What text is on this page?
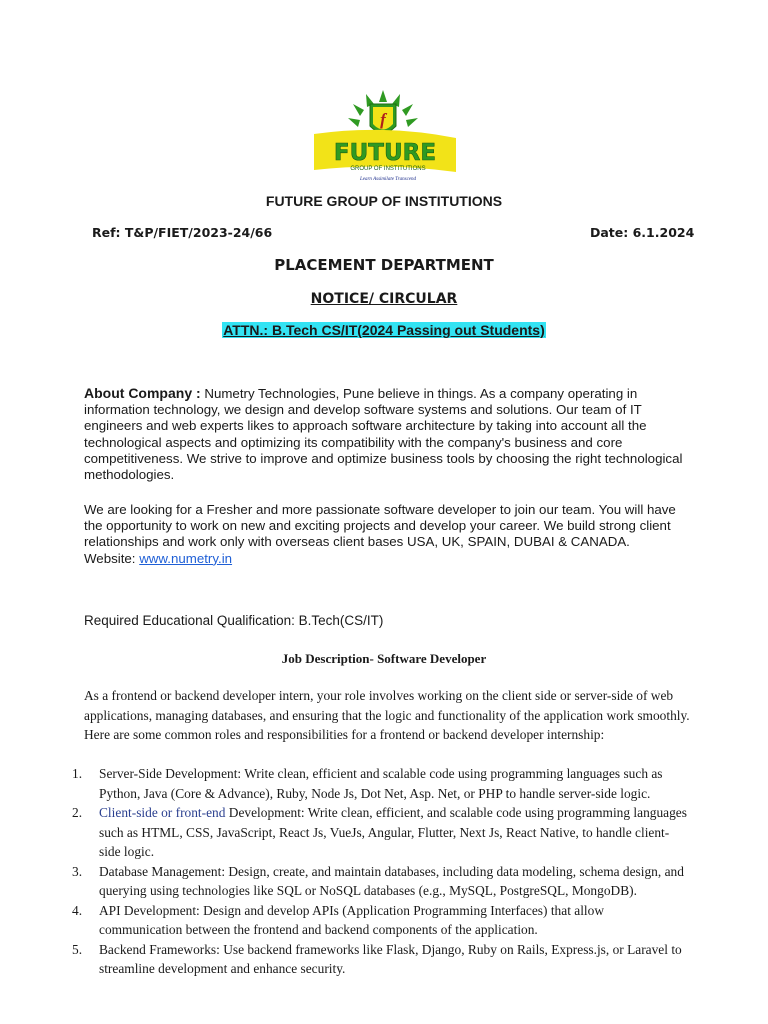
f
FUTURE
GROUP OF INSTITUTIONS
Learn Assimilate Transcend
FUTURE GROUP OF INSTITUTIONS
Ref: T&P/FIET/2023-24/66	Date: 6.1.2024
PLACEMENT DEPARTMENT
NOTICE/ CIRCULAR
ATTN.: B.Tech CS/IT(2024 Passing out Students)
About Company : Numetry Technologies, Pune believe in things. As a company operating in information technology, we design and develop software systems and solutions. Our team of IT engineers and web experts likes to approach software architecture by taking into account all the technological aspects and optimizing its compatibility with the company's business and core competitiveness. We strive to improve and optimize business tools by choosing the right technological methodologies.
We are looking for a Fresher and more passionate software developer to join our team. You will have the opportunity to work on new and exciting projects and develop your career. We build strong client relationships and work only with overseas client bases USA, UK, SPAIN, DUBAI & CANADA.
Website: www.numetry.in
Required Educational Qualification: B.Tech(CS/IT)
Job Description- Software Developer
As a frontend or backend developer intern, your role involves working on the client side or server-side of web applications, managing databases, and ensuring that the logic and functionality of the application work smoothly. Here are some common roles and responsibilities for a frontend or backend developer internship:
1.	Server-Side Development: Write clean, efficient and scalable code using programming languages such as Python, Java (Core & Advance), Ruby, Node Js, Dot Net, Asp. Net, or PHP to handle server-side logic.
2.	Client-side or front-end Development: Write clean, efficient, and scalable code using programming languages such as HTML, CSS, JavaScript, React Js, VueJs, Angular, Flutter, Next Js, React Native, to handle client-side logic.
3.	Database Management: Design, create, and maintain databases, including data modeling, schema design, and querying using technologies like SQL or NoSQL databases (e.g., MySQL, PostgreSQL, MongoDB).
4.	API Development: Design and develop APIs (Application Programming Interfaces) that allow communication between the frontend and backend components of the application.
5.	Backend Frameworks: Use backend frameworks like Flask, Django, Ruby on Rails, Express.js, or Laravel to streamline development and enhance security.
